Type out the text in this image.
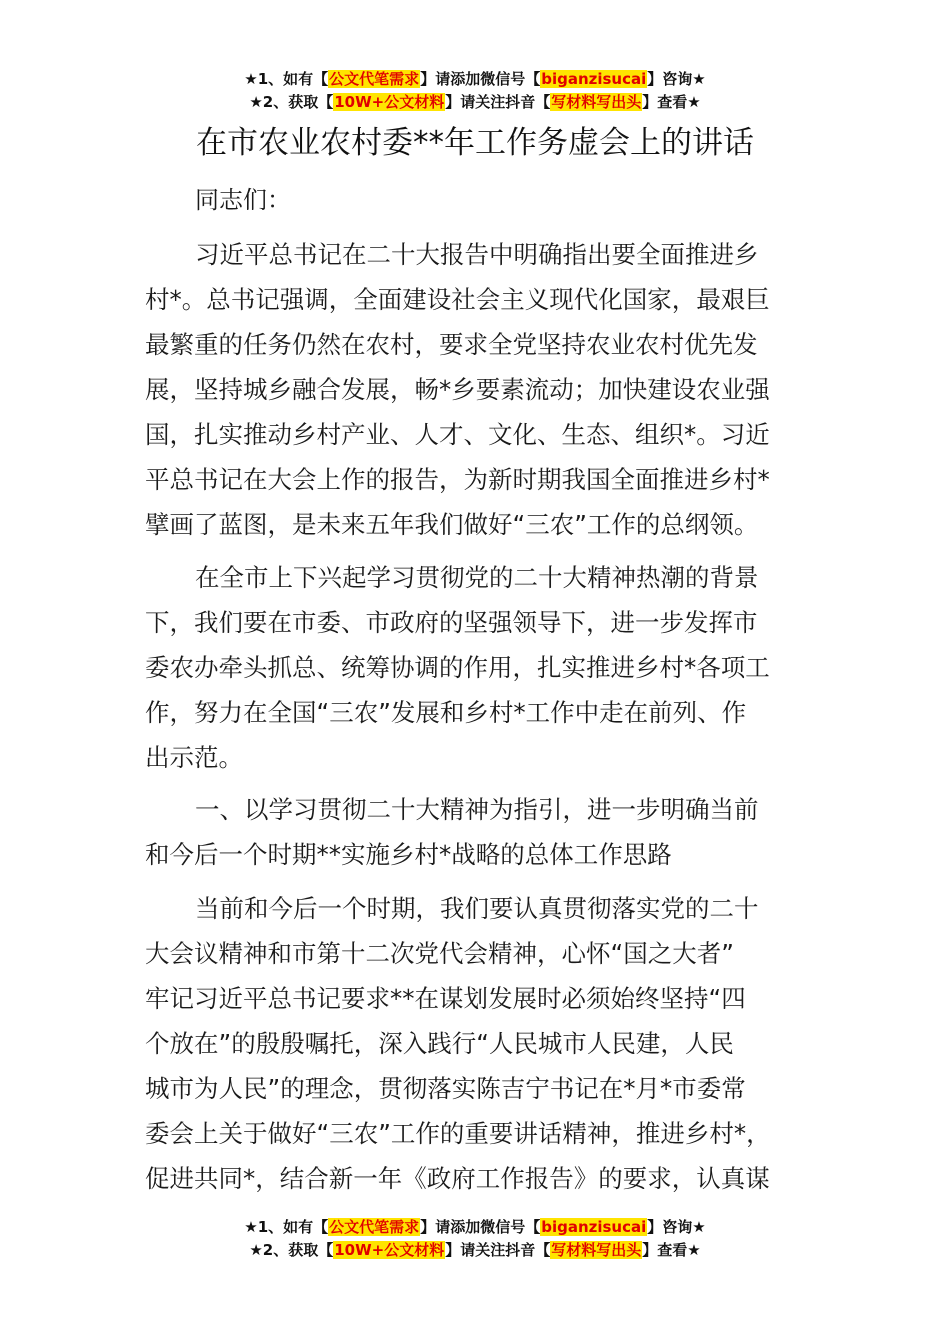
★1、如有【公文代笔需求】请添加微信号【biganzisucai】咨询★
★2、获取【10W+公文材料】请关注抖音【写材料写出头】查看★
在市农业农村委**年工作务虚会上的讲话
同志们：
习近平总书记在二十大报告中明确指出要全面推进乡
村*。总书记强调，全面建设社会主义现代化国家，最艰巨
最繁重的任务仍然在农村，要求全党坚持农业农村优先发
展，坚持城乡融合发展，畅*乡要素流动；加快建设农业强
国，扎实推动乡村产业、人才、文化、生态、组织*。习近
平总书记在大会上作的报告，为新时期我国全面推进乡村*
擘画了蓝图，是未来五年我们做好“三农”工作的总纲领。
在全市上下兴起学习贯彻党的二十大精神热潮的背景
下，我们要在市委、市政府的坚强领导下，进一步发挥市
委农办牵头抓总、统筹协调的作用，扎实推进乡村*各项工
作，努力在全国“三农”发展和乡村*工作中走在前列、作
出示范。
一、以学习贯彻二十大精神为指引，进一步明确当前
和今后一个时期**实施乡村*战略的总体工作思路
当前和今后一个时期，我们要认真贯彻落实党的二十
大会议精神和市第十二次党代会精神，心怀“国之大者”
牢记习近平总书记要求**在谋划发展时必须始终坚持“四
个放在”的殷殷嘱托，深入践行“人民城市人民建，人民
城市为人民”的理念，贯彻落实陈吉宁书记在*月*市委常
委会上关于做好“三农”工作的重要讲话精神，推进乡村*，
促进共同*，结合新一年《政府工作报告》的要求，认真谋
★1、如有【公文代笔需求】请添加微信号【biganzisucai】咨询★
★2、获取【10W+公文材料】请关注抖音【写材料写出头】查看★
